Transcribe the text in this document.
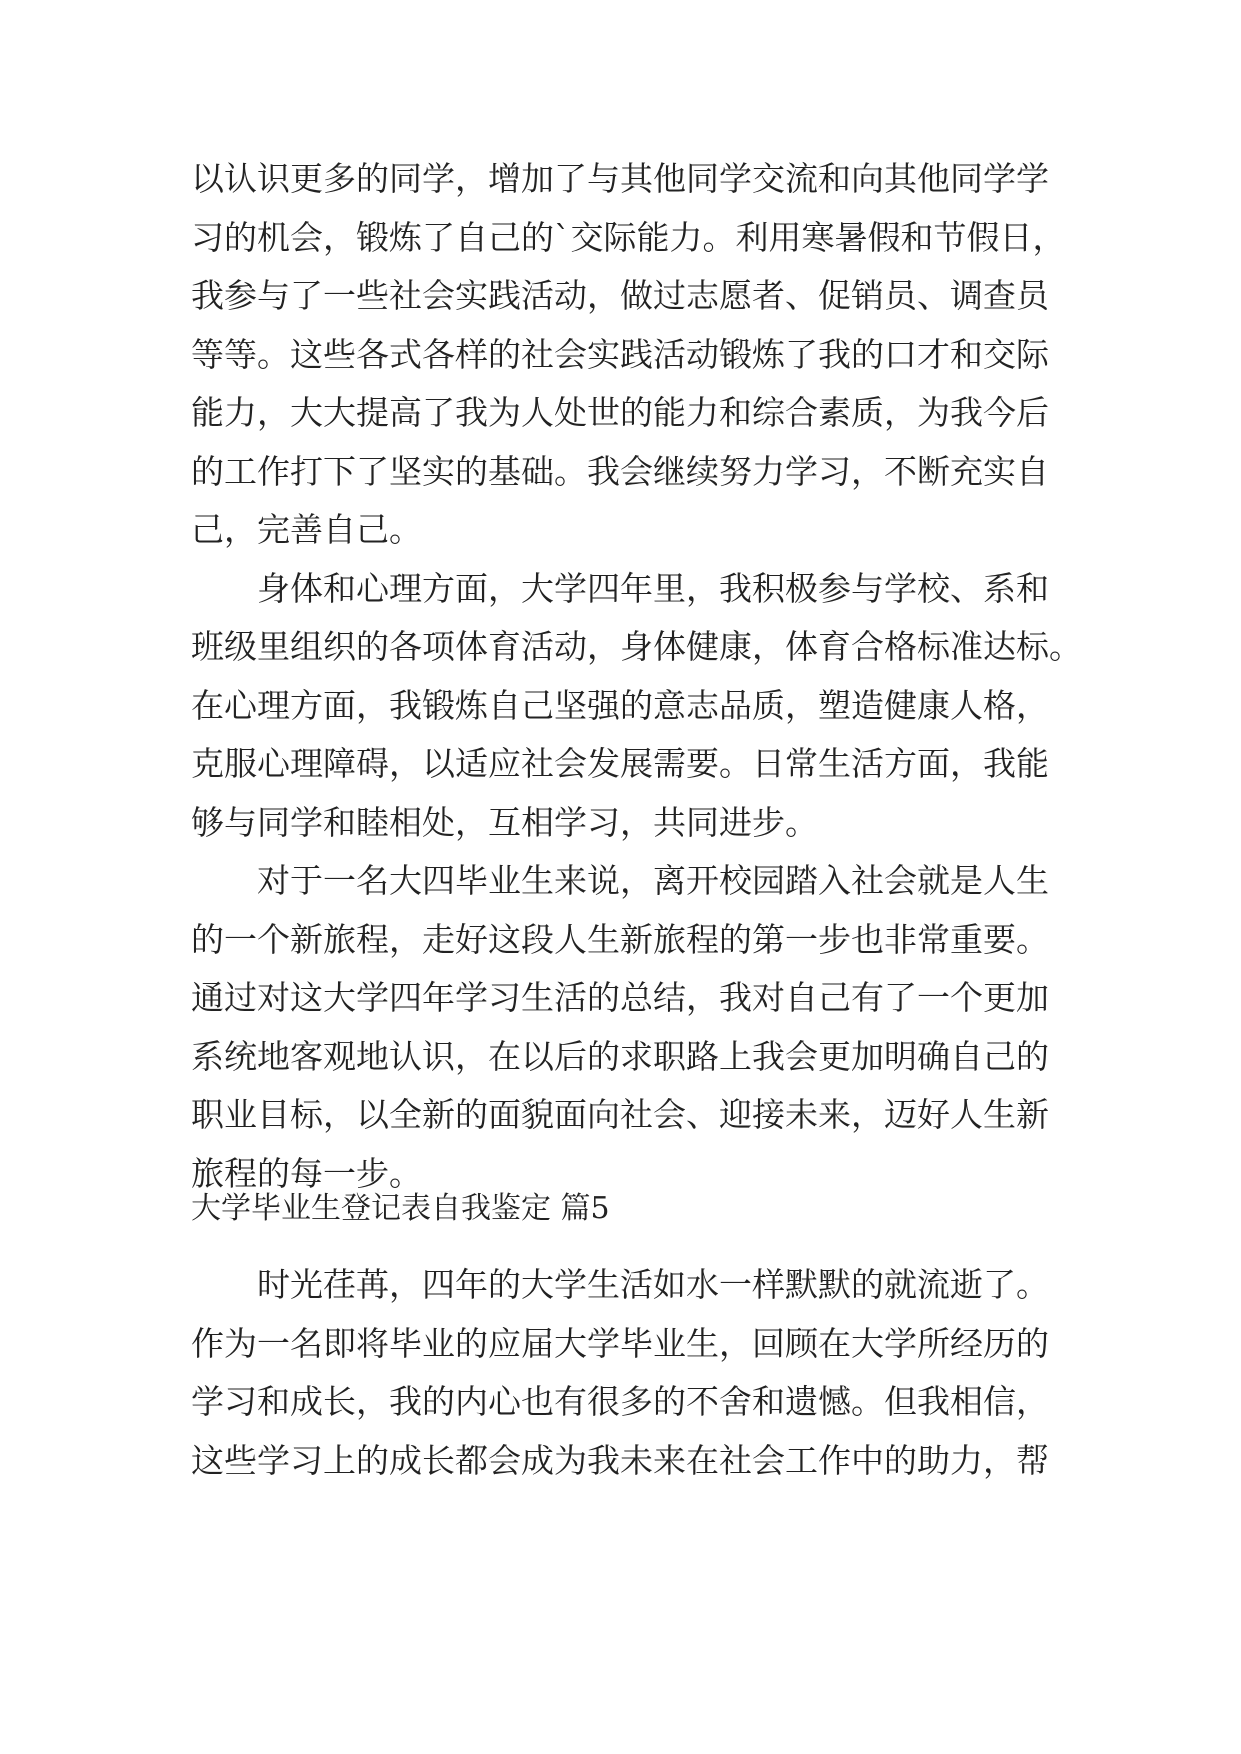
以认识更多的同学，增加了与其他同学交流和向其他同学学
习的机会，锻炼了自己的`交际能力。利用寒暑假和节假日，
我参与了一些社会实践活动，做过志愿者、促销员、调查员
等等。这些各式各样的社会实践活动锻炼了我的口才和交际
能力，大大提高了我为人处世的能力和综合素质，为我今后
的工作打下了坚实的基础。我会继续努力学习，不断充实自
己，完善自己。
　　身体和心理方面，大学四年里，我积极参与学校、系和
班级里组织的各项体育活动，身体健康，体育合格标准达标。
在心理方面，我锻炼自己坚强的意志品质，塑造健康人格，
克服心理障碍，以适应社会发展需要。日常生活方面，我能
够与同学和睦相处，互相学习，共同进步。
　　对于一名大四毕业生来说，离开校园踏入社会就是人生
的一个新旅程，走好这段人生新旅程的第一步也非常重要。
通过对这大学四年学习生活的总结，我对自己有了一个更加
系统地客观地认识，在以后的求职路上我会更加明确自己的
职业目标，以全新的面貌面向社会、迎接未来，迈好人生新
旅程的每一步。
大学毕业生登记表自我鉴定 篇5
　　时光荏苒，四年的大学生活如水一样默默的就流逝了。
作为一名即将毕业的应届大学毕业生，回顾在大学所经历的
学习和成长，我的内心也有很多的不舍和遗憾。但我相信，
这些学习上的成长都会成为我未来在社会工作中的助力，帮
